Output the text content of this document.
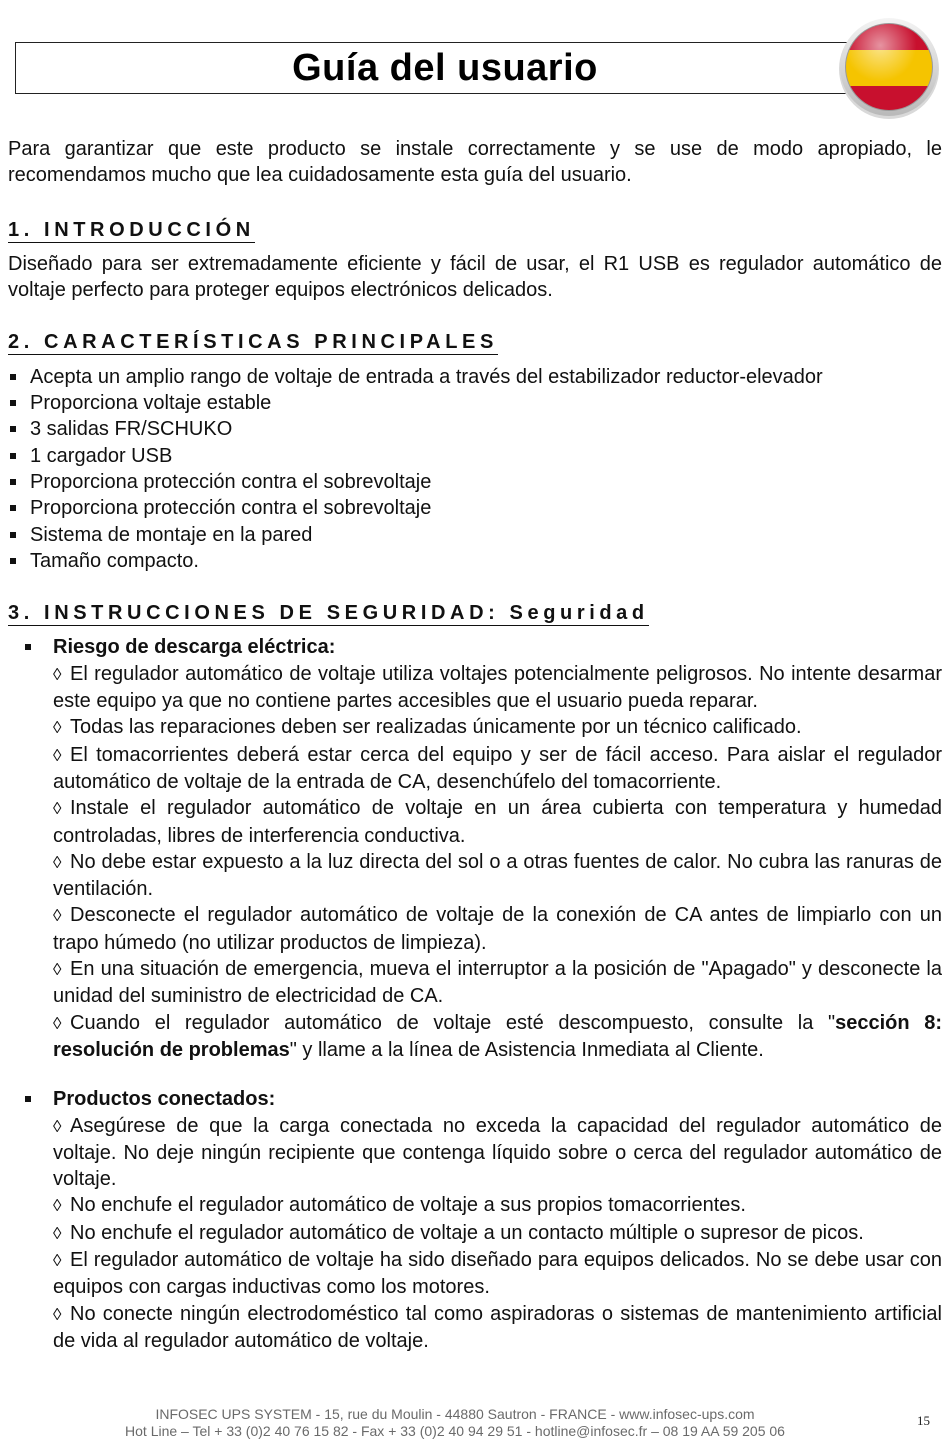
Guía del usuario

Para garantizar que este producto se instale correctamente y se use de modo apropiado, le recomendamos mucho que lea cuidadosamente esta guía del usuario.

1. INTRODUCCIÓN

Diseñado para ser extremadamente eficiente y fácil de usar, el R1 USB es regulador automático de voltaje perfecto para proteger equipos electrónicos delicados.

2. CARACTERÍSTICAS PRINCIPALES
Acepta un amplio rango de voltaje de entrada a través del estabilizador reductor-elevador
Proporciona voltaje estable
3 salidas FR/SCHUKO
1 cargador USB
Proporciona protección contra el sobrevoltaje
Proporciona protección contra el sobrevoltaje
Sistema de montaje en la pared
Tamaño compacto.
3. INSTRUCCIONES DE SEGURIDAD: Seguridad

Riesgo de descarga eléctrica:

◊ El regulador automático de voltaje utiliza voltajes potencialmente peligrosos. No intente desarmar este equipo ya que no contiene partes accesibles que el usuario pueda reparar.

◊ Todas las reparaciones deben ser realizadas únicamente por un técnico calificado.

◊ El tomacorrientes deberá estar cerca del equipo y ser de fácil acceso. Para aislar el regulador automático de voltaje de la entrada de CA, desenchúfelo del tomacorriente.

◊ Instale el regulador automático de voltaje en un área cubierta con temperatura y humedad controladas, libres de interferencia conductiva.

◊ No debe estar expuesto a la luz directa del sol o a otras fuentes de calor. No cubra las ranuras de ventilación.

◊ Desconecte el regulador automático de voltaje de la conexión de CA antes de limpiarlo con un trapo húmedo (no utilizar productos de limpieza).

◊ En una situación de emergencia, mueva el interruptor a la posición de "Apagado" y desconecte la unidad del suministro de electricidad de CA.

◊ Cuando el regulador automático de voltaje esté descompuesto, consulte la "sección 8: resolución de problemas" y llame a la línea de Asistencia Inmediata al Cliente.

Productos conectados:

◊ Asegúrese de que la carga conectada no exceda la capacidad del regulador automático de voltaje. No deje ningún recipiente que contenga líquido sobre o cerca del regulador automático de voltaje.

◊ No enchufe el regulador automático de voltaje a sus propios tomacorrientes.

◊ No enchufe el regulador automático de voltaje a un contacto múltiple o supresor de picos.

◊ El regulador automático de voltaje ha sido diseñado para equipos delicados. No se debe usar con equipos con cargas inductivas como los motores.

◊ No conecte ningún electrodoméstico tal como aspiradoras o sistemas de mantenimiento artificial de vida al regulador automático de voltaje.

INFOSEC UPS SYSTEM - 15, rue du Moulin - 44880 Sautron - FRANCE - www.infosec-ups.com
Hot Line – Tel + 33 (0)2 40 76 15 82 - Fax + 33 (0)2 40 94 29 51 - hotline@infosec.fr – 08 19 AA 59 205 06
15
